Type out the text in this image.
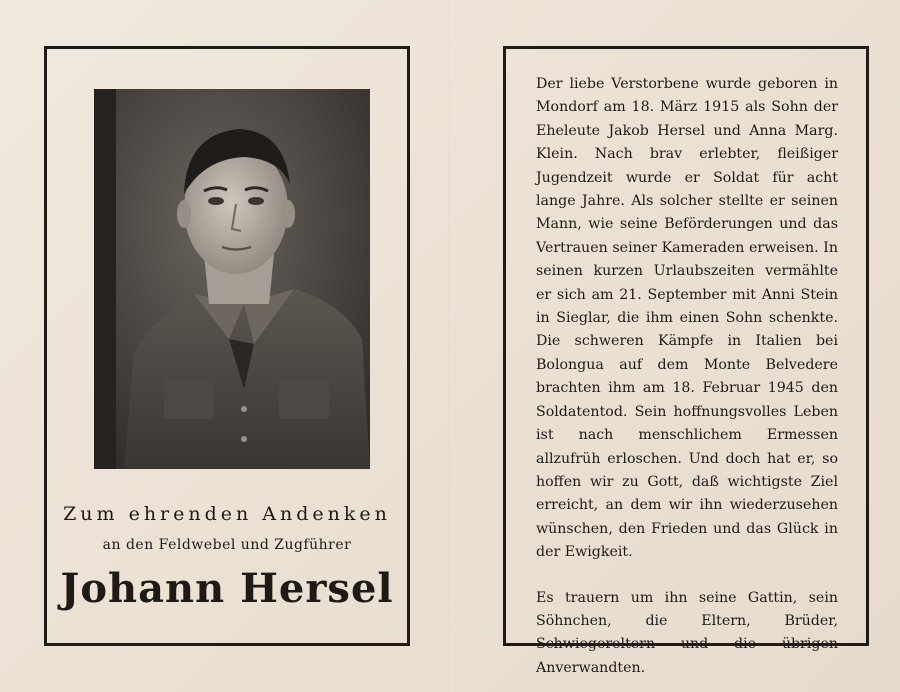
Zum ehrenden Andenken
an den Feldwebel und Zugführer
Johann Hersel

Der liebe Verstorbene wurde geboren in Mondorf am 18. März 1915 als Sohn der Eheleute Jakob Hersel und Anna Marg. Klein. Nach brav erlebter, fleißiger Jugendzeit wurde er Soldat für acht lange Jahre. Als solcher stellte er seinen Mann, wie seine Beförderungen und das Vertrauen seiner Kameraden erweisen. In seinen kurzen Urlaubszeiten vermählte er sich am 21. September mit Anni Stein in Sieglar, die ihm einen Sohn schenkte. Die schweren Kämpfe in Italien bei Bolongua auf dem Monte Belvedere brachten ihm am 18. Februar 1945 den Soldatentod. Sein hoffnungsvolles Leben ist nach menschlichem Ermessen allzufrüh erloschen. Und doch hat er, so hoffen wir zu Gott, daß wichtigste Ziel erreicht, an dem wir ihn wiederzusehen wünschen, den Frieden und das Glück in der Ewigkeit.

Es trauern um ihn seine Gattin, sein Söhnchen, die Eltern, Brüder, Schwiegereltern und die übrigen Anverwandten.
